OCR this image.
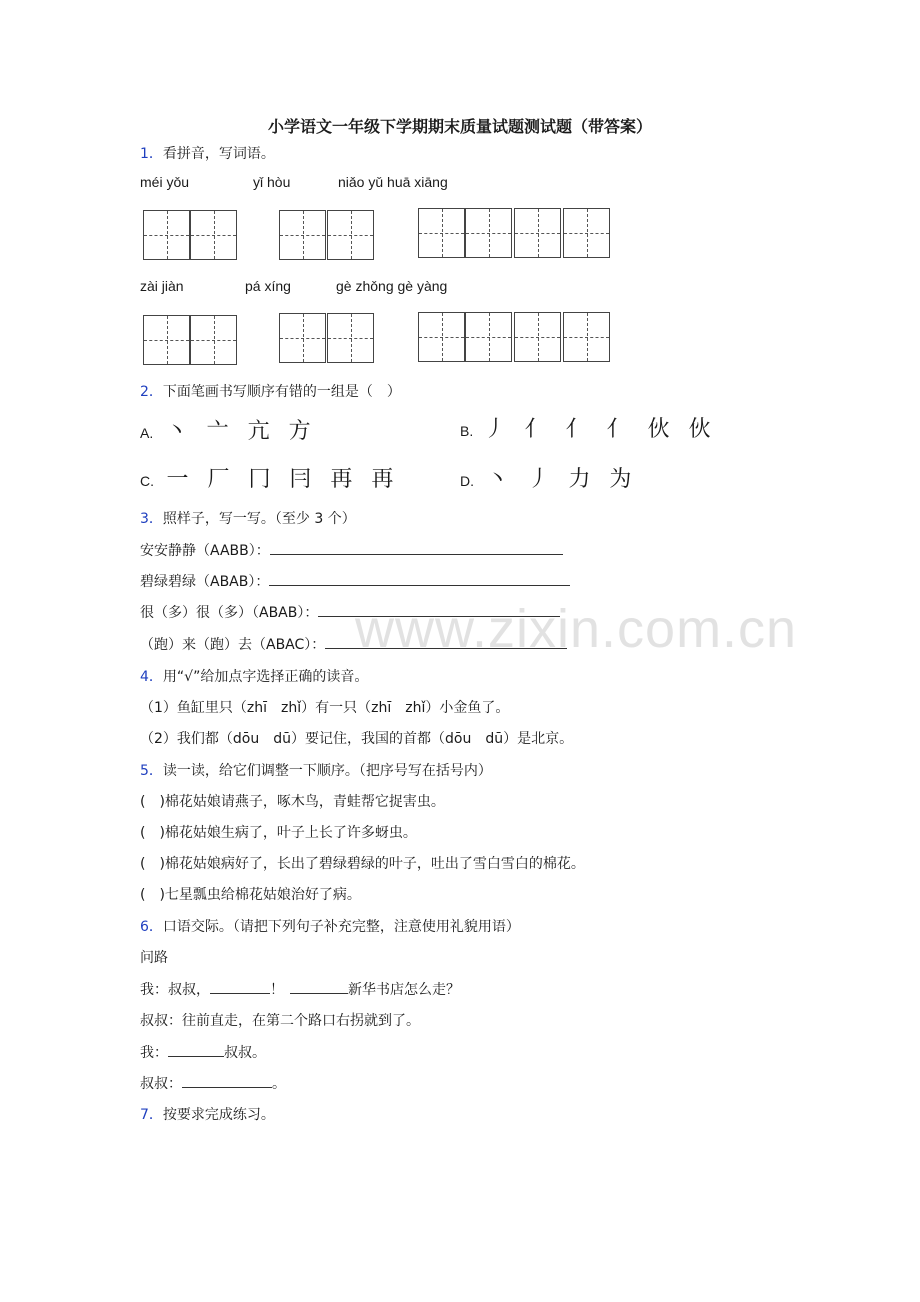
www.zixin.com.cn
小学语文一年级下学期期末质量试题测试题（带答案）
1．看拼音，写词语。
méi yǒu	yǐ hòu	niǎo yǔ huā xiāng
zài jiàn	pá xíng	gè zhǒng gè yàng
2．下面笔画书写顺序有错的一组是（　）
A. 丶 亠 亢 方	B. 丿 亻 亻 亻 伙 伙
C. 一 厂 冂 冃 再 再	D. 丶 丿 力 为
3．照样子，写一写。（至少 3 个）
安安静静（AABB）：
碧绿碧绿（ABAB）：
很（多）很（多）（ABAB）：
（跑）来（跑）去（ABAC）：
4．用“√”给加点字选择正确的读音。
（1）鱼缸里只（zhī　zhǐ）有一只（zhī　zhǐ）小金鱼了。
（2）我们都（dōu　dū）要记住，我国的首都（dōu　dū）是北京。
5．读一读，给它们调整一下顺序。（把序号写在括号内）
(　)棉花姑娘请燕子，啄木鸟，青蛙帮它捉害虫。
(　)棉花姑娘生病了，叶子上长了许多蚜虫。
(　)棉花姑娘病好了，长出了碧绿碧绿的叶子，吐出了雪白雪白的棉花。
(　)七星瓢虫给棉花姑娘治好了病。
6．口语交际。（请把下列句子补充完整，注意使用礼貌用语）
问路
我：叔叔，	！	新华书店怎么走？
叔叔：往前直走，在第二个路口右拐就到了。
我：	叔叔。
叔叔：	。
7．按要求完成练习。
